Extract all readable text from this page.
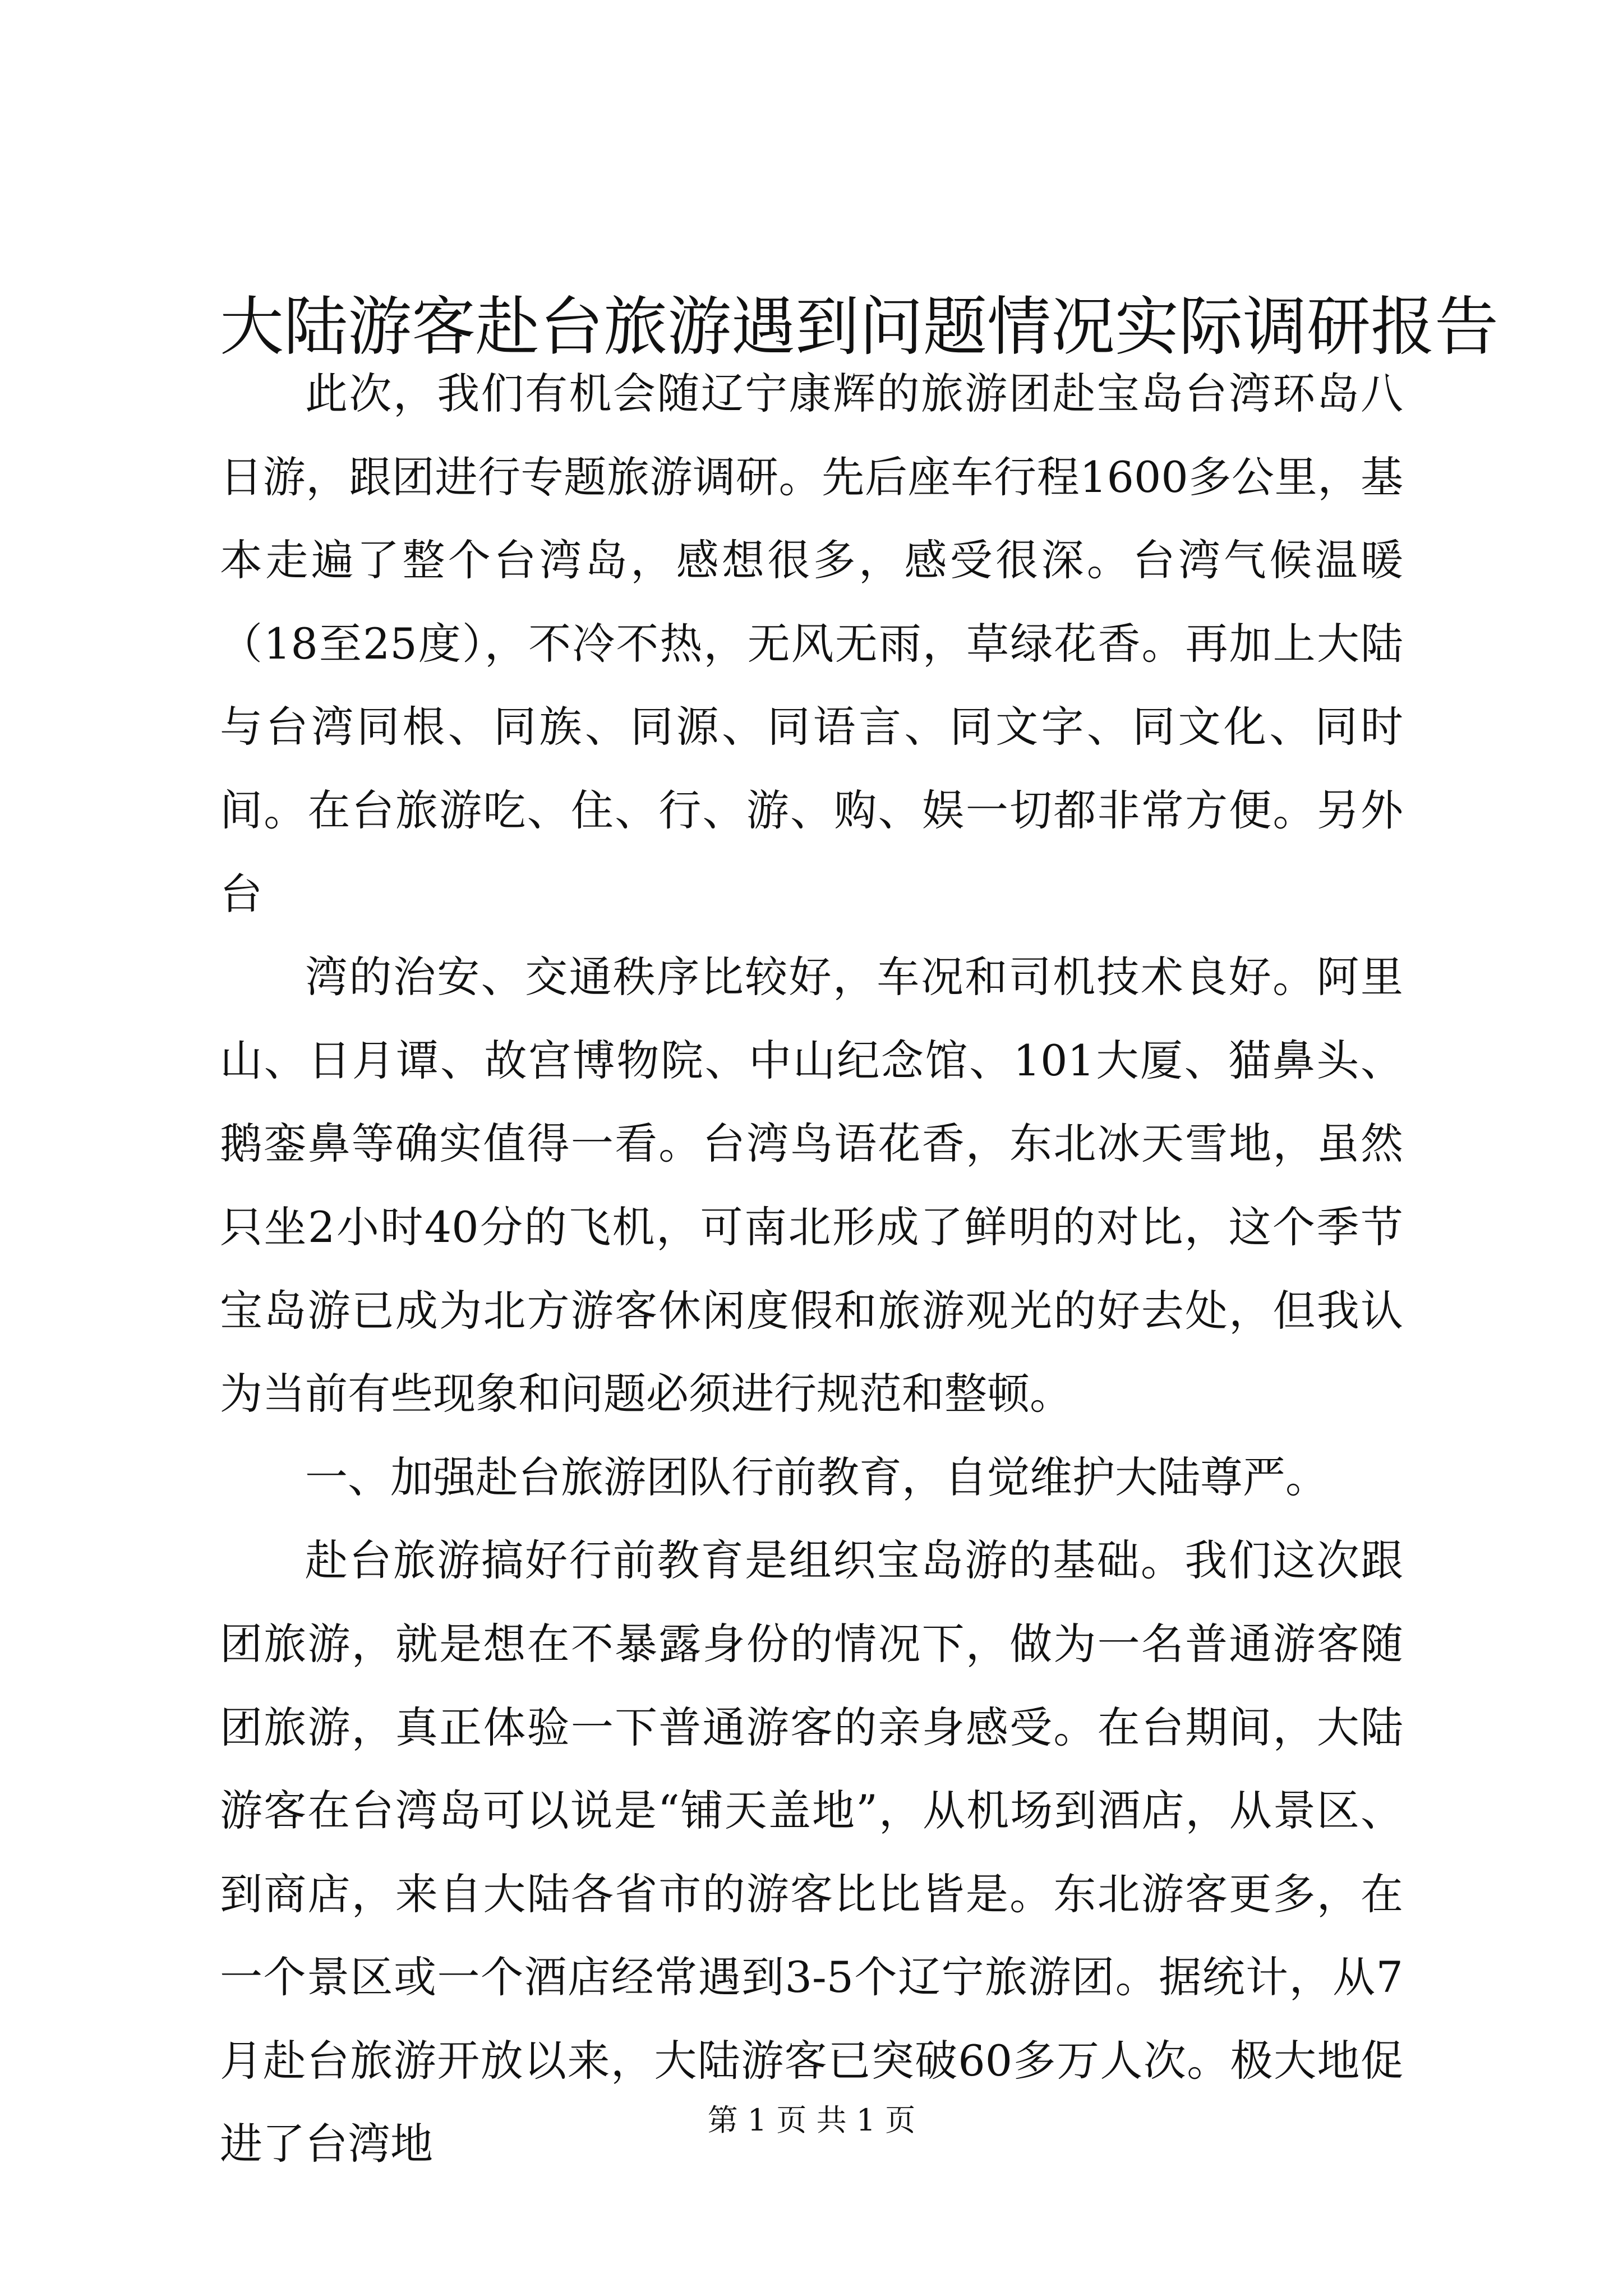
大陆游客赴台旅游遇到问题情况实际调研报告

此次，我们有机会随辽宁康辉的旅游团赴宝岛台湾环岛八日游，跟团进行专题旅游调研。先后座车行程1600多公里，基本走遍了整个台湾岛，感想很多，感受很深。台湾气候温暖（18至25度），不冷不热，无风无雨，草绿花香。再加上大陆与台湾同根、同族、同源、同语言、同文字、同文化、同时间。在台旅游吃、住、行、游、购、娱一切都非常方便。另外台

湾的治安、交通秩序比较好，车况和司机技术良好。阿里山、日月谭、故宫博物院、中山纪念馆、101大厦、猫鼻头、鹅銮鼻等确实值得一看。台湾鸟语花香，东北冰天雪地，虽然只坐2小时40分的飞机，可南北形成了鲜明的对比，这个季节宝岛游已成为北方游客休闲度假和旅游观光的好去处，但我认为当前有些现象和问题必须进行规范和整顿。

一、加强赴台旅游团队行前教育，自觉维护大陆尊严。

赴台旅游搞好行前教育是组织宝岛游的基础。我们这次跟团旅游，就是想在不暴露身份的情况下，做为一名普通游客随团旅游，真正体验一下普通游客的亲身感受。在台期间，大陆游客在台湾岛可以说是“铺天盖地”，从机场到酒店，从景区、到商店，来自大陆各省市的游客比比皆是。东北游客更多，在一个景区或一个酒店经常遇到3-5个辽宁旅游团。据统计，从7月赴台旅游开放以来，大陆游客已突破60多万人次。极大地促进了台湾地	第 1 页 共 1 页
